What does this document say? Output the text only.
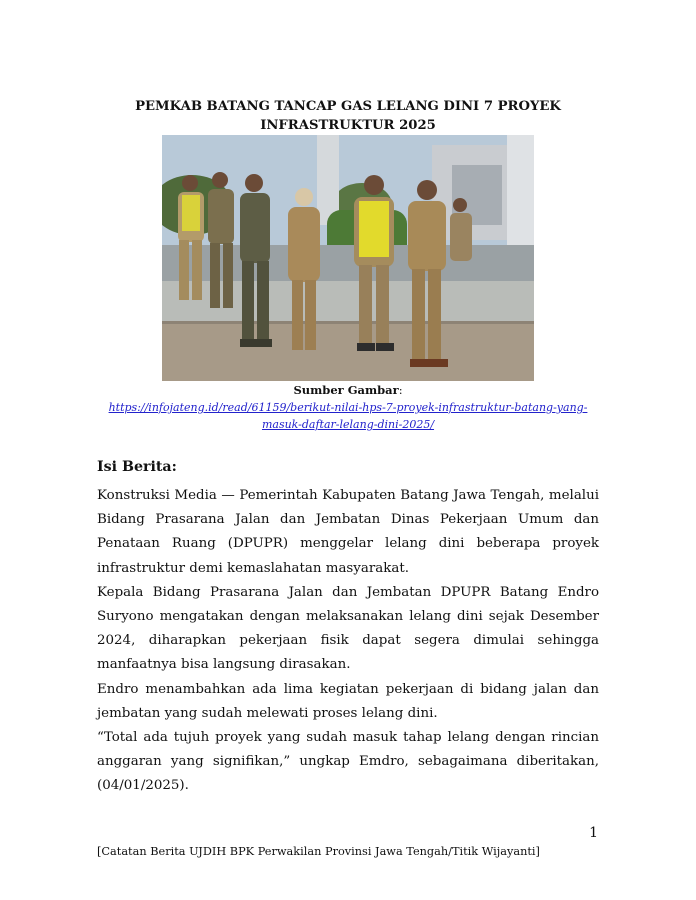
PEMKAB BATANG TANCAP GAS LELANG DINI 7 PROYEK
INFRASTRUKTUR 2025
Sumber Gambar:
https://infojateng.id/read/61159/berikut-nilai-hps-7-proyek-infrastruktur-batang-yang-masuk-daftar-lelang-dini-2025/
Isi Berita:

Konstruksi Media — Pemerintah Kabupaten Batang Jawa Tengah, melalui Bidang Prasarana Jalan dan Jembatan Dinas Pekerjaan Umum dan Penataan Ruang (DPUPR) menggelar lelang dini beberapa proyek infrastruktur demi kemaslahatan masyarakat.

Kepala Bidang Prasarana Jalan dan Jembatan DPUPR Batang Endro Suryono mengatakan dengan melaksanakan lelang dini sejak Desember 2024, diharapkan pekerjaan fisik dapat segera dimulai sehingga manfaatnya bisa langsung dirasakan.

Endro menambahkan ada lima kegiatan pekerjaan di bidang jalan dan jembatan yang sudah melewati proses lelang dini.

“Total ada tujuh proyek yang sudah masuk tahap lelang dengan rincian anggaran yang signifikan,” ungkap Emdro, sebagaimana diberitakan, (04/01/2025).

1
[Catatan Berita UJDIH BPK Perwakilan Provinsi Jawa Tengah/Titik Wijayanti]
